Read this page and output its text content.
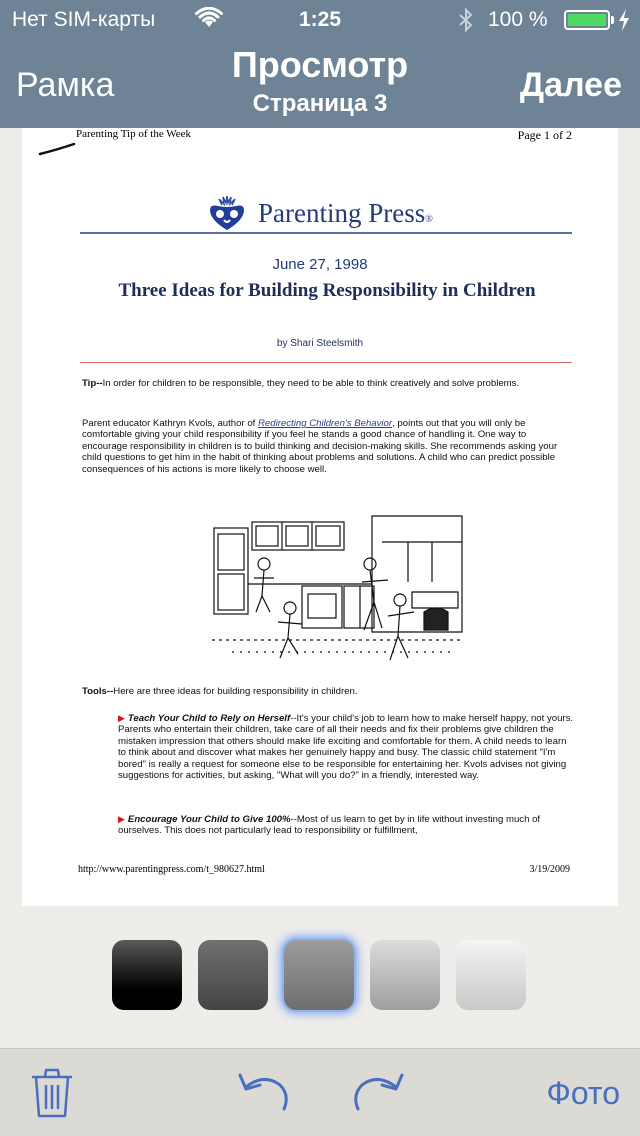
Нет SIM-карты	1:25	100 %
Рамка	Просмотр
Страница 3	Далее
Parenting Tip of the Week	Page 1 of 2
Parenting Press®
June 27, 1998
Three Ideas for Building Responsibility in Children
by Shari Steelsmith
Tip--In order for children to be responsible, they need to be able to think creatively and solve problems.
Parent educator Kathryn Kvols, author of Redirecting Children's Behavior, points out that you will only be comfortable giving your child responsibility if you feel he stands a good chance of handling it. One way to encourage responsibility in children is to build thinking and decision-making skills. She recommends asking your child questions to get him in the habit of thinking about problems and solutions. A child who can predict possible consequences of his actions is more likely to choose well.
Tools--Here are three ideas for building responsibility in children.
▶ Teach Your Child to Rely on Herself--It's your child's job to learn how to make herself happy, not yours. Parents who entertain their children, take care of all their needs and fix their problems give children the mistaken impression that others should make life exciting and comfortable for them. A child needs to learn to think about and discover what makes her genuinely happy and busy. The classic child statement "I'm bored" is really a request for someone else to be responsible for entertaining her. Kvols advises not giving suggestions for activities, but asking, "What will you do?" in a friendly, interested way.
▶ Encourage Your Child to Give 100%--Most of us learn to get by in life without investing much of ourselves. This does not particularly lead to responsibility or fulfillment,
http://www.parentingpress.com/t_980627.html	3/19/2009
Фото
